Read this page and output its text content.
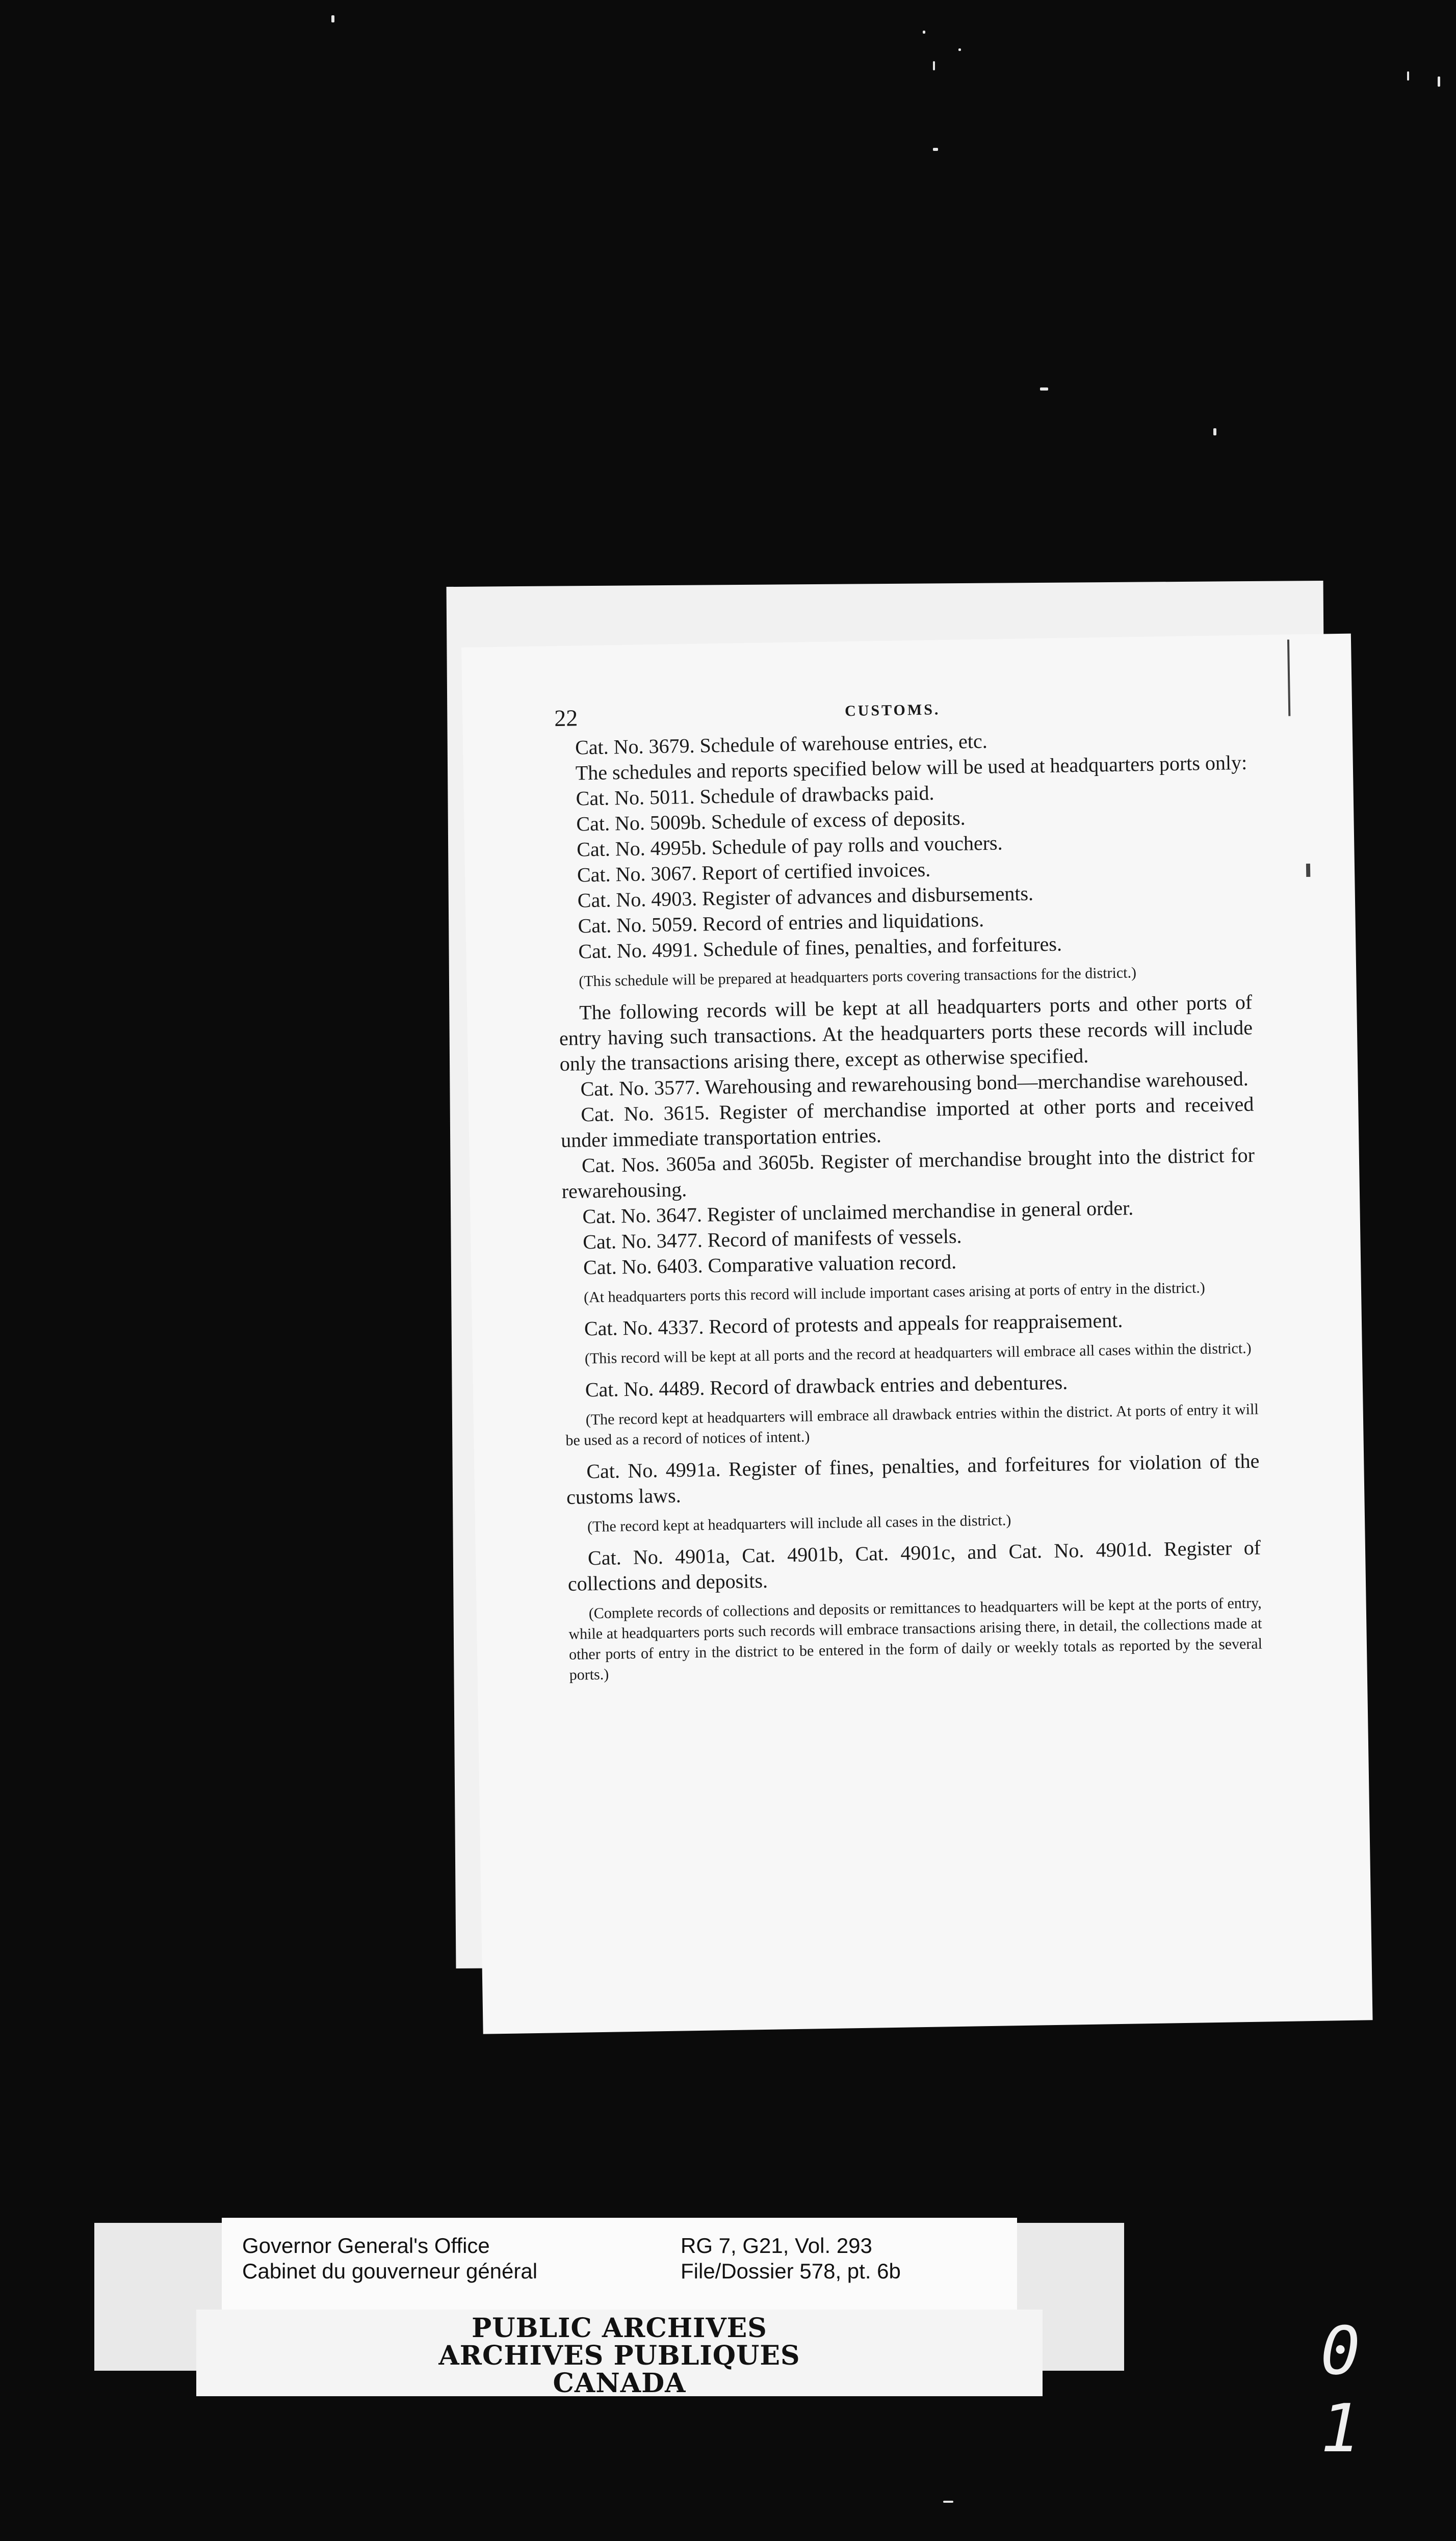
22	CUSTOMS.

Cat. No. 3679. Schedule of warehouse entries, etc.

The schedules and reports specified below will be used at headquarters ports only:

Cat. No. 5011. Schedule of drawbacks paid.

Cat. No. 5009b. Schedule of excess of deposits.

Cat. No. 4995b. Schedule of pay rolls and vouchers.

Cat. No. 3067. Report of certified invoices.

Cat. No. 4903. Register of advances and disbursements.

Cat. No. 5059. Record of entries and liquidations.

Cat. No. 4991. Schedule of fines, penalties, and forfeitures.

(This schedule will be prepared at headquarters ports covering transactions for the district.)

The following records will be kept at all headquarters ports and other ports of entry having such transactions. At the headquarters ports these records will include only the transactions arising there, except as otherwise specified.

Cat. No. 3577. Warehousing and rewarehousing bond—merchandise warehoused.

Cat. No. 3615. Register of merchandise imported at other ports and received under immediate transportation entries.

Cat. Nos. 3605a and 3605b. Register of merchandise brought into the district for rewarehousing.

Cat. No. 3647. Register of unclaimed merchandise in general order.

Cat. No. 3477. Record of manifests of vessels.

Cat. No. 6403. Comparative valuation record.

(At headquarters ports this record will include important cases arising at ports of entry in the district.)

Cat. No. 4337. Record of protests and appeals for reappraisement.

(This record will be kept at all ports and the record at headquarters will embrace all cases within the district.)

Cat. No. 4489. Record of drawback entries and debentures.

(The record kept at headquarters will embrace all drawback entries within the district. At ports of entry it will be used as a record of notices of intent.)

Cat. No. 4991a. Register of fines, penalties, and forfeitures for violation of the customs laws.

(The record kept at headquarters will include all cases in the district.)

Cat. No. 4901a, Cat. 4901b, Cat. 4901c, and Cat. No. 4901d. Register of collections and deposits.

(Complete records of collections and deposits or remittances to headquarters will be kept at the ports of entry, while at headquarters ports such records will embrace transactions arising there, in detail, the collections made at other ports of entry in the district to be entered in the form of daily or weekly totals as reported by the several ports.)

Governor General's Office
Cabinet du gouverneur général
RG 7, G21, Vol. 293
File/Dossier 578, pt. 6b
PUBLIC ARCHIVES
ARCHIVES PUBLIQUES
CANADA	0 1
